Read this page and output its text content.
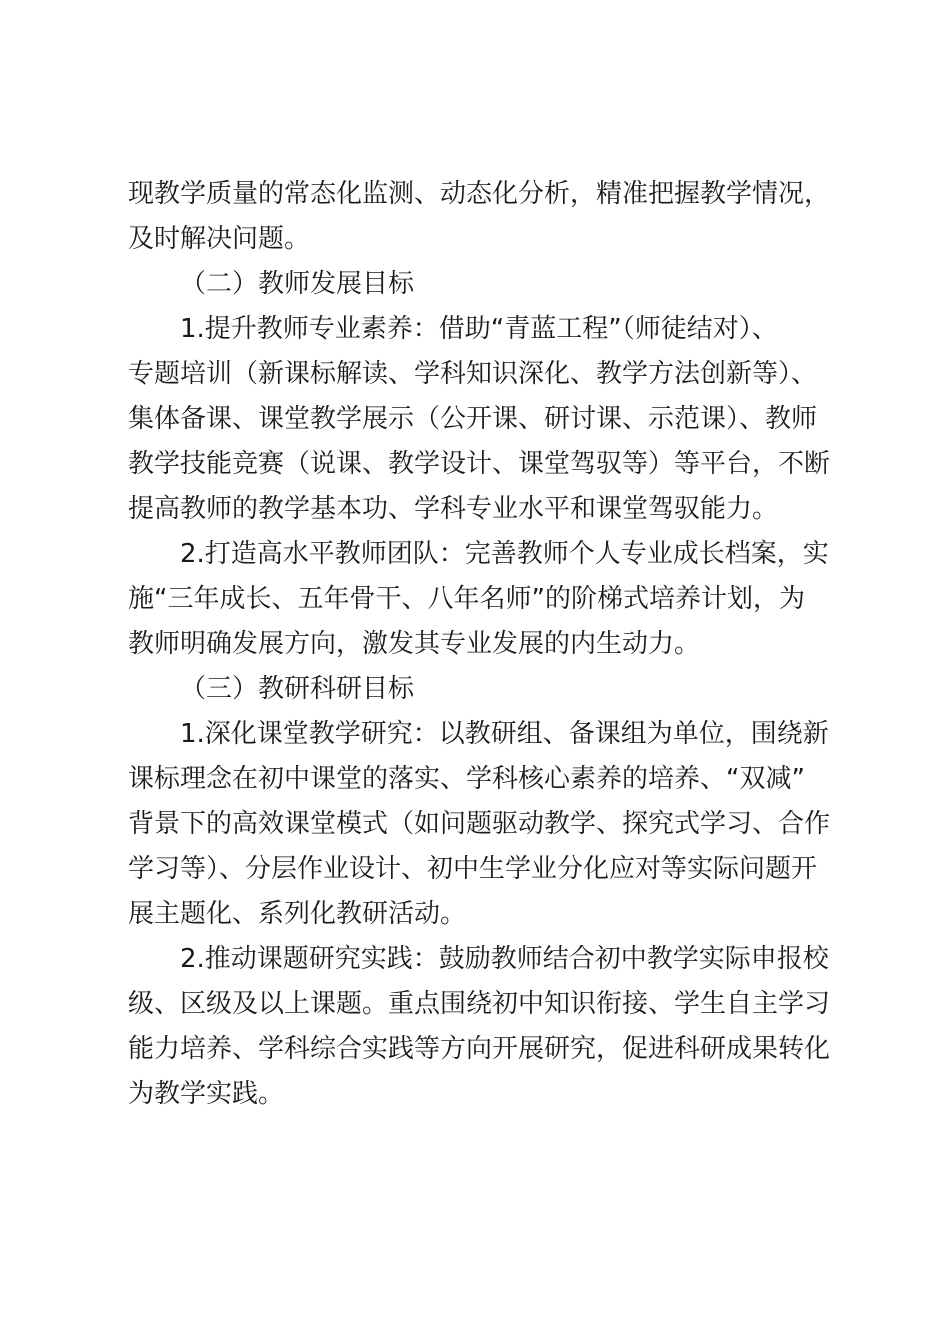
现教学质量的常态化监测、动态化分析，精准把握教学情况，
及时解决问题。
（二）教师发展目标
1.提升教师专业素养：借助“青蓝工程”（师徒结对）、
专题培训（新课标解读、学科知识深化、教学方法创新等）、
集体备课、课堂教学展示（公开课、研讨课、示范课）、教师
教学技能竞赛（说课、教学设计、课堂驾驭等）等平台，不断
提高教师的教学基本功、学科专业水平和课堂驾驭能力。
2.打造高水平教师团队：完善教师个人专业成长档案，实
施“三年成长、五年骨干、八年名师”的阶梯式培养计划，为
教师明确发展方向，激发其专业发展的内生动力。
（三）教研科研目标
1.深化课堂教学研究：以教研组、备课组为单位，围绕新
课标理念在初中课堂的落实、学科核心素养的培养、“双减”
背景下的高效课堂模式（如问题驱动教学、探究式学习、合作
学习等）、分层作业设计、初中生学业分化应对等实际问题开
展主题化、系列化教研活动。
2.推动课题研究实践：鼓励教师结合初中教学实际申报校
级、区级及以上课题。重点围绕初中知识衔接、学生自主学习
能力培养、学科综合实践等方向开展研究，促进科研成果转化
为教学实践。
